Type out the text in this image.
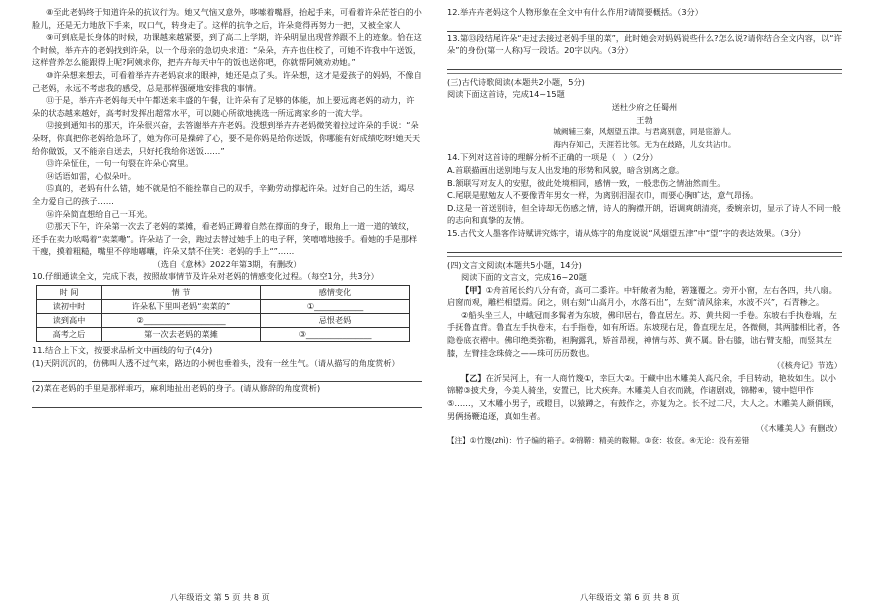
⑧至此老妈终于知道许朵的抗议行为。她又气恼又意外，哆嗦着嘴唇，抬起手来，可看着许朵茫苍白的小脸儿，还是无力地放下手来，叹口气，转身走了。这样的抗争之后，许朵竟得再努力一把，又被全家人

⑨可到底是长身体的时候，功课越来越紧要，到了高二上学期，许朵明显出现营养跟不上的迹象。恰在这个时候，举卉卉的老妈找到许朵，以一个母亲的急切央求道：“朵朵，卉卉也住校了，可她不许我中午送饭，这样营养怎么能跟得上呢?阿姨求你，把卉卉每天中午的饭也送你吧，你就帮阿姨劝劝她。”

⑩许朵想来想去，可看着举卉卉老妈哀求的眼神，她还是点了头。许朵想，这才是爱孩子的妈妈，不像自己老妈，永远不考虑我的感受，总是那样强硬地安排我的事情。

⑪于是，举卉卉老妈每天中午都送来丰盛的午餐，让许朵有了足够的体能，加上要远离老妈的动力，许朵的状态越来越好，高考时发挥出超常水平，可以随心所欲地挑选一所远离家乡的一流大学。

⑫接到通知书的那天，许朵很兴奋，去答谢举卉卉老妈。没想到举卉卉老妈微笑着拉过许朵的手说：“朵朵呀，你真把你老妈给急坏了，她为你可是操碎了心，要不是你妈是给你送饭，你哪能有好成绩吃呀!她天天给你做饭，又不能亲自送去，只好托我给你送饭……”

⑬许朵怔住，一句一句裂在许朵心窝里。

⑭话语如雷，心似朵叶。

⑮真的，老妈有什么错，她不就是怕不能拴靠自己的双手，辛勤劳动撑起许朵。过好自己的生活，竭尽全力爱自己的孩子……

⑯许朵简直想给自己一耳光。

⑰那天下午，许朵第一次去了老妈的菜摊，看老妈正蹲着自然在撑面的身子，眼角上一道一道的皱纹，还手在卖力吆喝着“卖菜嘞”。许朵站了一会，跑过去替过她手上的电子秤，笑嘻嘻地接手。看她的手是那样干瘦，摸着粗糙，嘴里不停地嘟囔，许朵又禁不住笑：老妈的手上“”……

（选自《意林》2022年第3期，有删改）

10.仔细通读全文，完成下表，按照故事情节及许朵对老妈的情感变化过程。（每空1分，共3分）

时 间	情 节	感情变化
读初中时	许朵私下里叫老妈“卖菜的”	①____________
读到高中	②____________________	忌恨老妈
高考之后	第一次去老妈的菜摊	③________________

11.结合上下文，按要求品析文中画线的句子(4分)

(1)天阴沉沉的，仿佛叫人透不过气来，路边的小树也垂着头，没有一丝生气。（请从描写的角度赏析）

(2)菜在老妈的手里是那样乖巧，麻利地扯出老妈的身子。(请从修辞的角度赏析)

八年级语文 第 5 页 共 8 页

12.举卉卉老妈这个人物形象在全文中有什么作用?请简要概括。（3分）

13.第⑬段结尾许朵“走过去接过老妈手里的菜”，此时她会对妈妈说些什么?怎么说?请你结合全文内容，以“许朵”的身份(第一人称)写一段话。20字以内。（3分）

(三)古代诗歌阅读(本题共2小题，5分)

阅读下面这首诗，完成14~15题

送杜少府之任蜀州

王勃

城阙辅三秦，风烟望五津。与君离别意，同是宦游人。

海内存知己，天涯若比邻。无为在歧路，儿女共沾巾。

14.下列对这首诗的理解分析不正确的一项是（　）（2分）

A.首联描画出送别地与友人出发地的形势和风貌，暗含别离之意。

B.颔联写对友人的安慰，彼此处境相同，感情一致，一般悲伤之情油然而生。

C.尾联是慰勉友人不要像青年男女一样，为离别泪湿衣巾，而要心胸旷达，意气昂扬。

D.这是一首送别诗，但全诗却无伤感之情，诗人的胸襟开朗，语调爽朗清亮，委婉亲切，显示了诗人不同一般的志向和真挚的友情。

15.古代文人墨客作诗赋讲究炼字，请从炼字的角度说说“风烟望五津”中“望”字的表达效果。（3分）

(四)文言文阅读(本题共5小题，14分)

阅读下面的文言文，完成16~20题

【甲】①舟首尾长约八分有奇，高可二黍许。中轩敞者为舱，箬篷覆之。旁开小窗，左右各四，共八扇。启窗而观，雕栏相望焉。闭之，则右刻“山高月小，水落石出”，左刻“清风徐来，水波不兴”，石青糁之。

②船头坐三人，中峨冠而多髯者为东坡，佛印居右，鲁直居左。苏、黄共阅一手卷。东坡右手执卷端，左手抚鲁直背。鲁直左手执卷末，右手指卷，如有所语。东坡现右足，鲁直现左足，各微侧，其两膝相比者，各隐卷底衣褶中。佛印绝类弥勒，袒胸露乳，矫首昂视，神情与苏、黄不属。卧右膝，诎右臂支船，而竖其左膝，左臂挂念珠倚之——珠可历历数也。

（《核舟记》节选）

【乙】在沂吴河上，有一人商竹篾①，幸巨大②。于藏中出木雕美人高尺余，手目转动，艳妆如生。以小锦鞯③披犬身，今美人骑坐，安置已，比犬疾奔。木雕美人自衣而跳，作诸剧戏，锦鞯④，镜中铠甲作⑤……，又木雕小男子，或瞪目，以猿蹲之，有鼓作之，亦复为之。长不过二尺，大人之。木雕美人颜俏顾，男俩扬鞭追逐，真如生者。

（《木雕美人》有删改）

【注】①竹篾(zhì)：竹子编的箱子。②锦鞯：精美的鞍鞯。③奁：妆奁。④无论：没有差错

八年级语文 第 6 页 共 8 页
